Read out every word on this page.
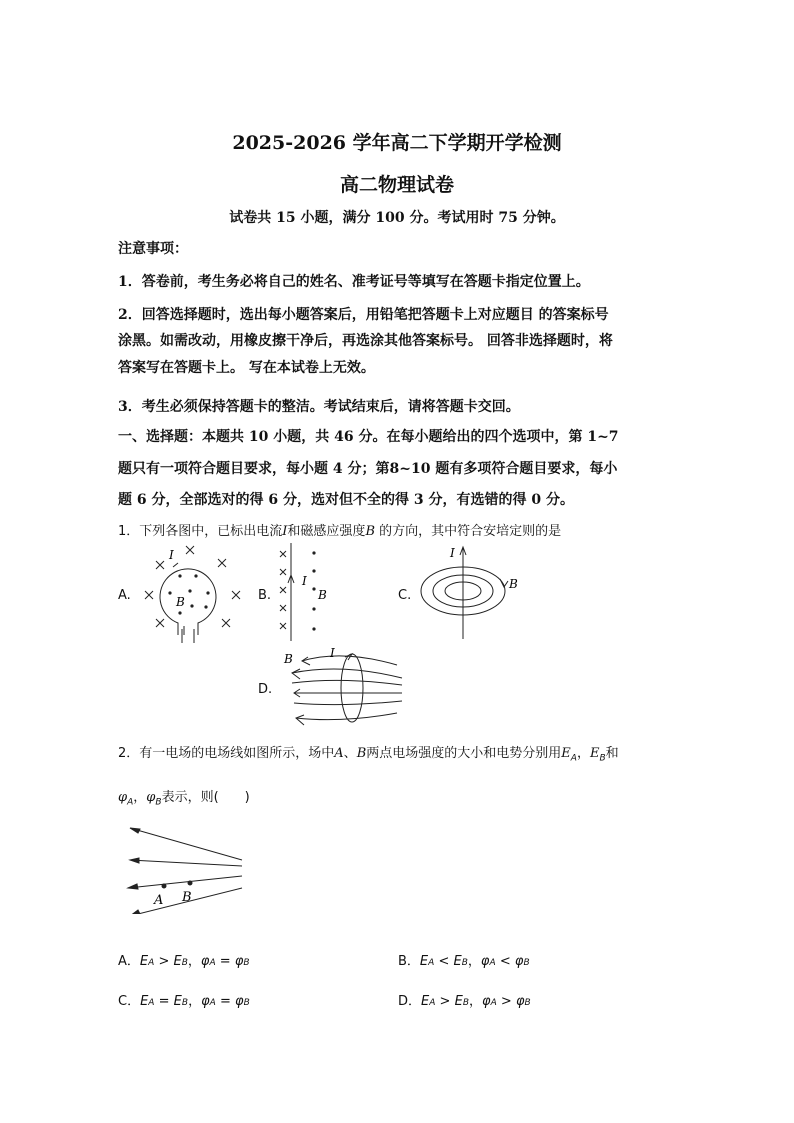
2025-2026 学年高二下学期开学检测
高二物理试卷
试卷共 15 小题，满分 100 分。考试用时 75 分钟。
注意事项：
1．答卷前，考生务必将自己的姓名、准考证号等填写在答题卡指定位置上。
2．回答选择题时，选出每小题答案后，用铅笔把答题卡上对应题目 的答案标号
涂黑。如需改动，用橡皮擦干净后，再选涂其他答案标号。 回答非选择题时，将
答案写在答题卡上。 写在本试卷上无效。
3．考生必须保持答题卡的整洁。考试结束后，请将答题卡交回。
一、选择题：本题共 10 小题，共 46 分。在每小题给出的四个选项中，第 1~7
题只有一项符合题目要求，每小题 4 分；第8~10 题有多项符合题目要求，每小
题 6 分，全部选对的得 6 分，选对但不全的得 3 分，有选错的得 0 分。
1．下列各图中，已标出电流I和磁感应强度B 的方向，其中符合安培定则的是
A.	B.	C.
D.
I
B
I
B
I
B
B	I
2．有一电场的电场线如图所示，场中A、B两点电场强度的大小和电势分别用$E_A$，$E_B$和
$\varphi_A$，$\varphi_B$表示，则(　　)
A B
A．EA > EB，φA = φB	B．EA < EB，φA < φB
C．EA = EB，φA = φB	D．EA > EB，φA > φB
